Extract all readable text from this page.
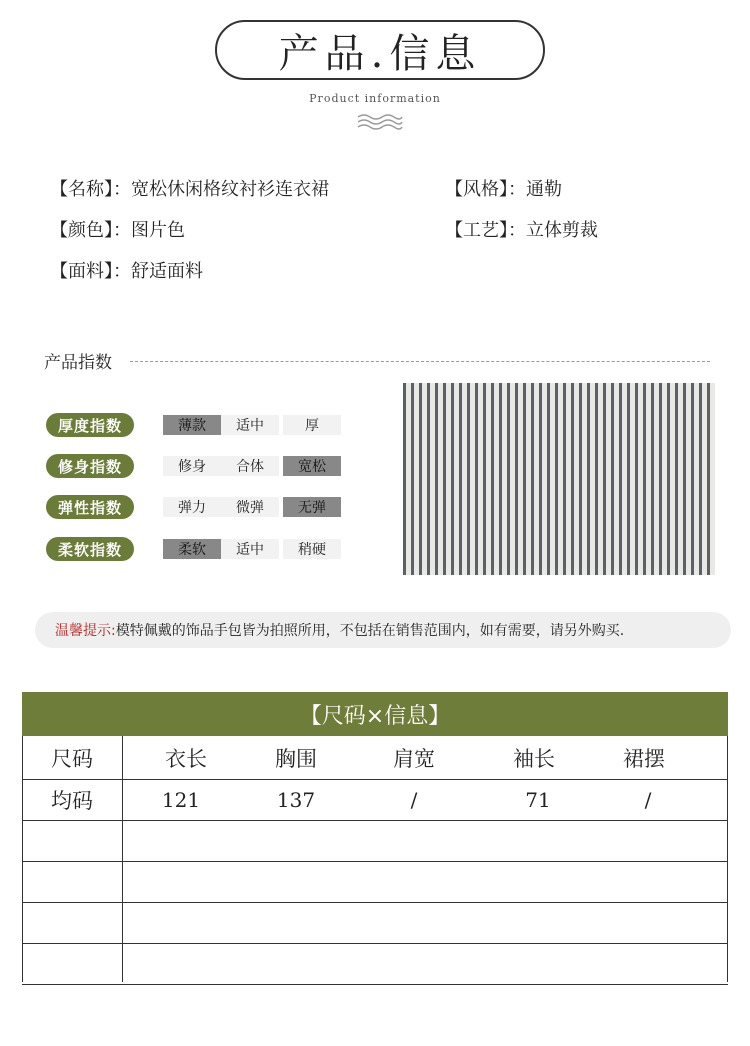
产品.信息
Product information
【名称】：宽松休闲格纹衬衫连衣裙	【风格】：通勒
【颜色】：图片色	【工艺】：立体剪裁
【面料】：舒适面料
产品指数
厚度指数	薄款	适中	厚
修身指数	修身	合体	宽松
弹性指数	弹力	微弹	无弹
柔软指数	柔软	适中	稍硬
温馨提示: 模特佩戴的饰品手包皆为拍照所用，不包括在销售范围内，如有需要，请另外购买.
【尺码×信息】
尺码	衣长	胸围	肩宽	袖长	裙摆
均码	121	137	/	71	/
